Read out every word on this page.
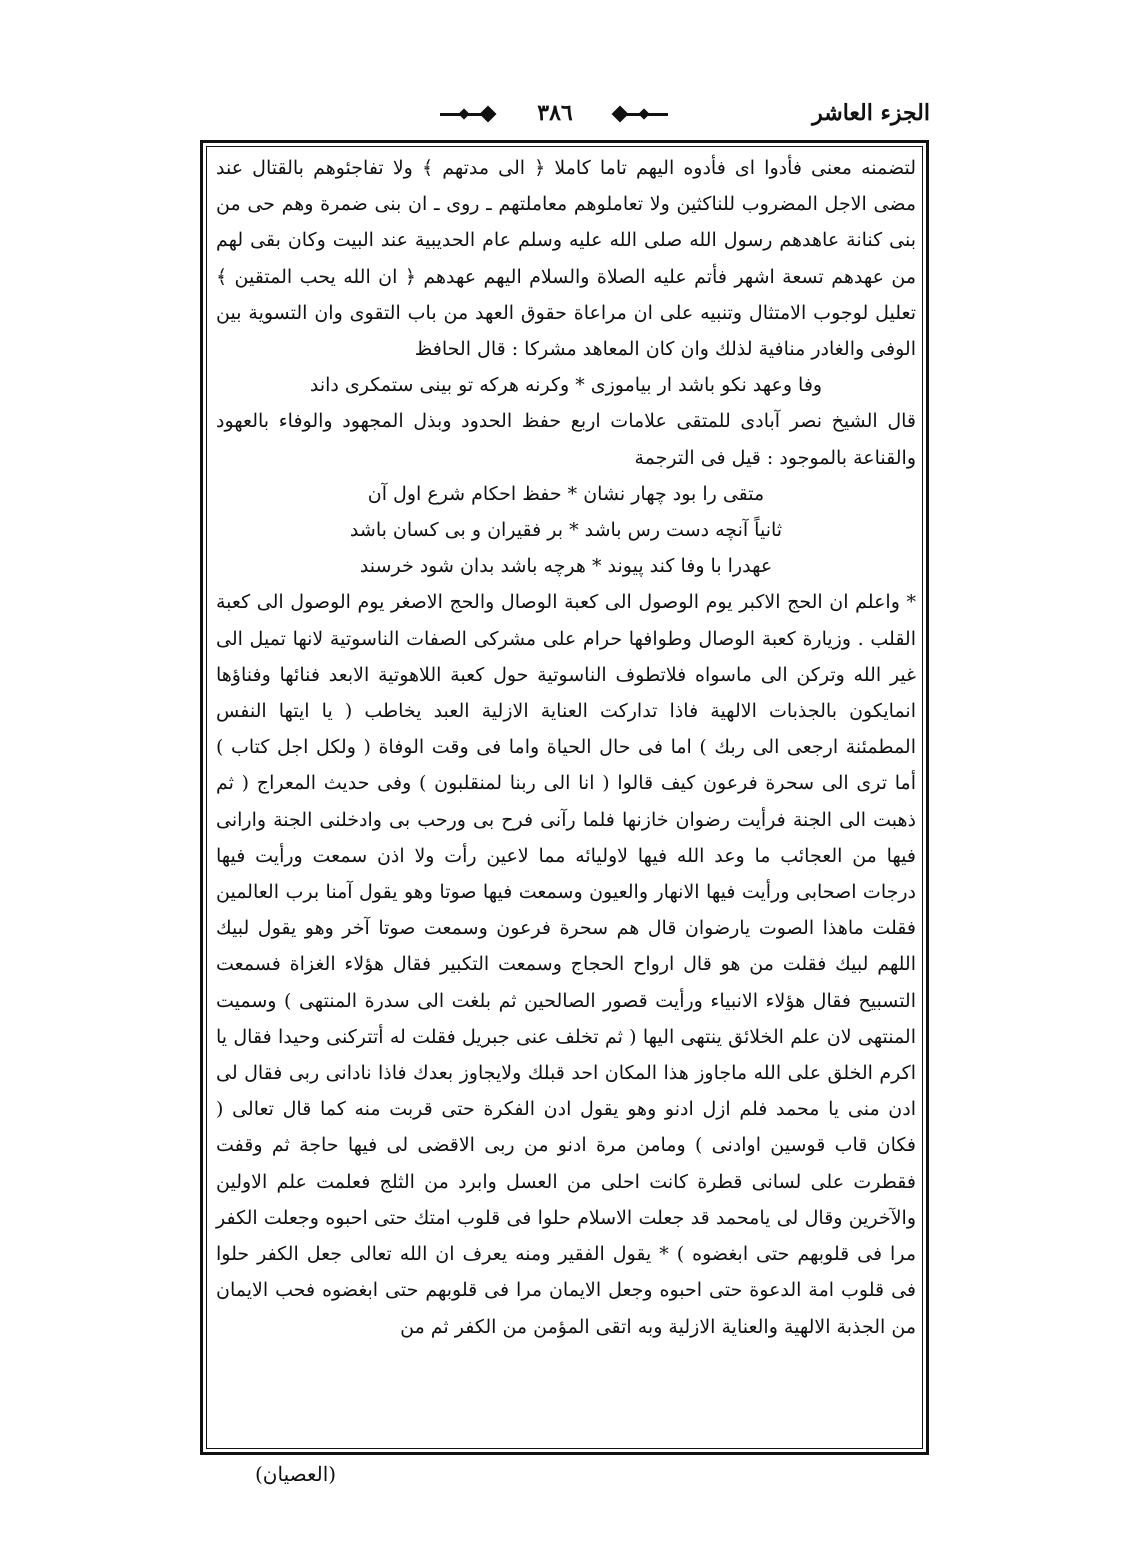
الجزء العاشر
٣٨٦

لتضمنه معنى فأدوا اى فأدوه اليهم تاما كاملا ﴿ الى مدتهم ﴾ ولا تفاجئوهم بالقتال عند مضى الاجل المضروب للناكثين ولا تعاملوهم معاملتهم ـ روى ـ ان بنى ضمرة وهم حى من بنى كنانة عاهدهم رسول الله صلى الله عليه وسلم عام الحديبية عند البيت وكان بقى لهم من عهدهم تسعة اشهر فأتم عليه الصلاة والسلام اليهم عهدهم ﴿ ان الله يحب المتقين ﴾ تعليل لوجوب الامتثال وتنبيه على ان مراعاة حقوق العهد من باب التقوى وان التسوية بين الوفى والغادر منافية لذلك وان كان المعاهد مشركا : قال الحافظ

وفا وعهد نكو باشد ار بياموزى * وكرنه هركه تو بينى ستمكرى داند

قال الشيخ نصر آبادى للمتقى علامات اربع حفظ الحدود وبذل المجهود والوفاء بالعهود والقناعة بالموجود : قيل فى الترجمة

متقى را بود چهار نشان * حفظ احكام شرع اول آن

ثانياً آنچه دست رس باشد * بر فقيران و بى كسان باشد

عهدرا با وفا كند پيوند * هرچه باشد بدان شود خرسند

* واعلم ان الحج الاكبر يوم الوصول الى كعبة الوصال والحج الاصغر يوم الوصول الى كعبة القلب . وزيارة كعبة الوصال وطوافها حرام على مشركى الصفات الناسوتية لانها تميل الى غير الله وتركن الى ماسواه فلاتطوف الناسوتية حول كعبة اللاهوتية الابعد فنائها وفناؤها انمايكون بالجذبات الالهية فاذا تداركت العناية الازلية العبد يخاطب ( يا ايتها النفس المطمئنة ارجعى الى ربك ) اما فى حال الحياة واما فى وقت الوفاة ( ولكل اجل كتاب ) أما ترى الى سحرة فرعون كيف قالوا ( انا الى ربنا لمنقلبون ) وفى حديث المعراج ( ثم ذهبت الى الجنة فرأيت رضوان خازنها فلما رآنى فرح بى ورحب بى وادخلنى الجنة وارانى فيها من العجائب ما وعد الله فيها لاوليائه مما لاعين رأت ولا اذن سمعت ورأيت فيها درجات اصحابى ورأيت فيها الانهار والعيون وسمعت فيها صوتا وهو يقول آمنا برب العالمين فقلت ماهذا الصوت يارضوان قال هم سحرة فرعون وسمعت صوتا آخر وهو يقول لبيك اللهم لبيك فقلت من هو قال ارواح الحجاج وسمعت التكبير فقال هؤلاء الغزاة فسمعت التسبيح فقال هؤلاء الانبياء ورأيت قصور الصالحين ثم بلغت الى سدرة المنتهى ) وسميت المنتهى لان علم الخلائق ينتهى اليها ( ثم تخلف عنى جبريل فقلت له أتتركنى وحيدا فقال يا اكرم الخلق على الله ماجاوز هذا المكان احد قبلك ولايجاوز بعدك فاذا نادانى ربى فقال لى ادن منى يا محمد فلم ازل ادنو وهو يقول ادن الفكرة حتى قربت منه كما قال تعالى ( فكان قاب قوسين اوادنى ) ومامن مرة ادنو من ربى الاقضى لى فيها حاجة ثم وقفت فقطرت على لسانى قطرة كانت احلى من العسل وابرد من الثلج فعلمت علم الاولين والآخرين وقال لى يامحمد قد جعلت الاسلام حلوا فى قلوب امتك حتى احبوه وجعلت الكفر مرا فى قلوبهم حتى ابغضوه ) * يقول الفقير ومنه يعرف ان الله تعالى جعل الكفر حلوا فى قلوب امة الدعوة حتى احبوه وجعل الايمان مرا فى قلوبهم حتى ابغضوه فحب الايمان من الجذبة الالهية والعناية الازلية وبه اتقى المؤمن من الكفر ثم من

(العصيان)
